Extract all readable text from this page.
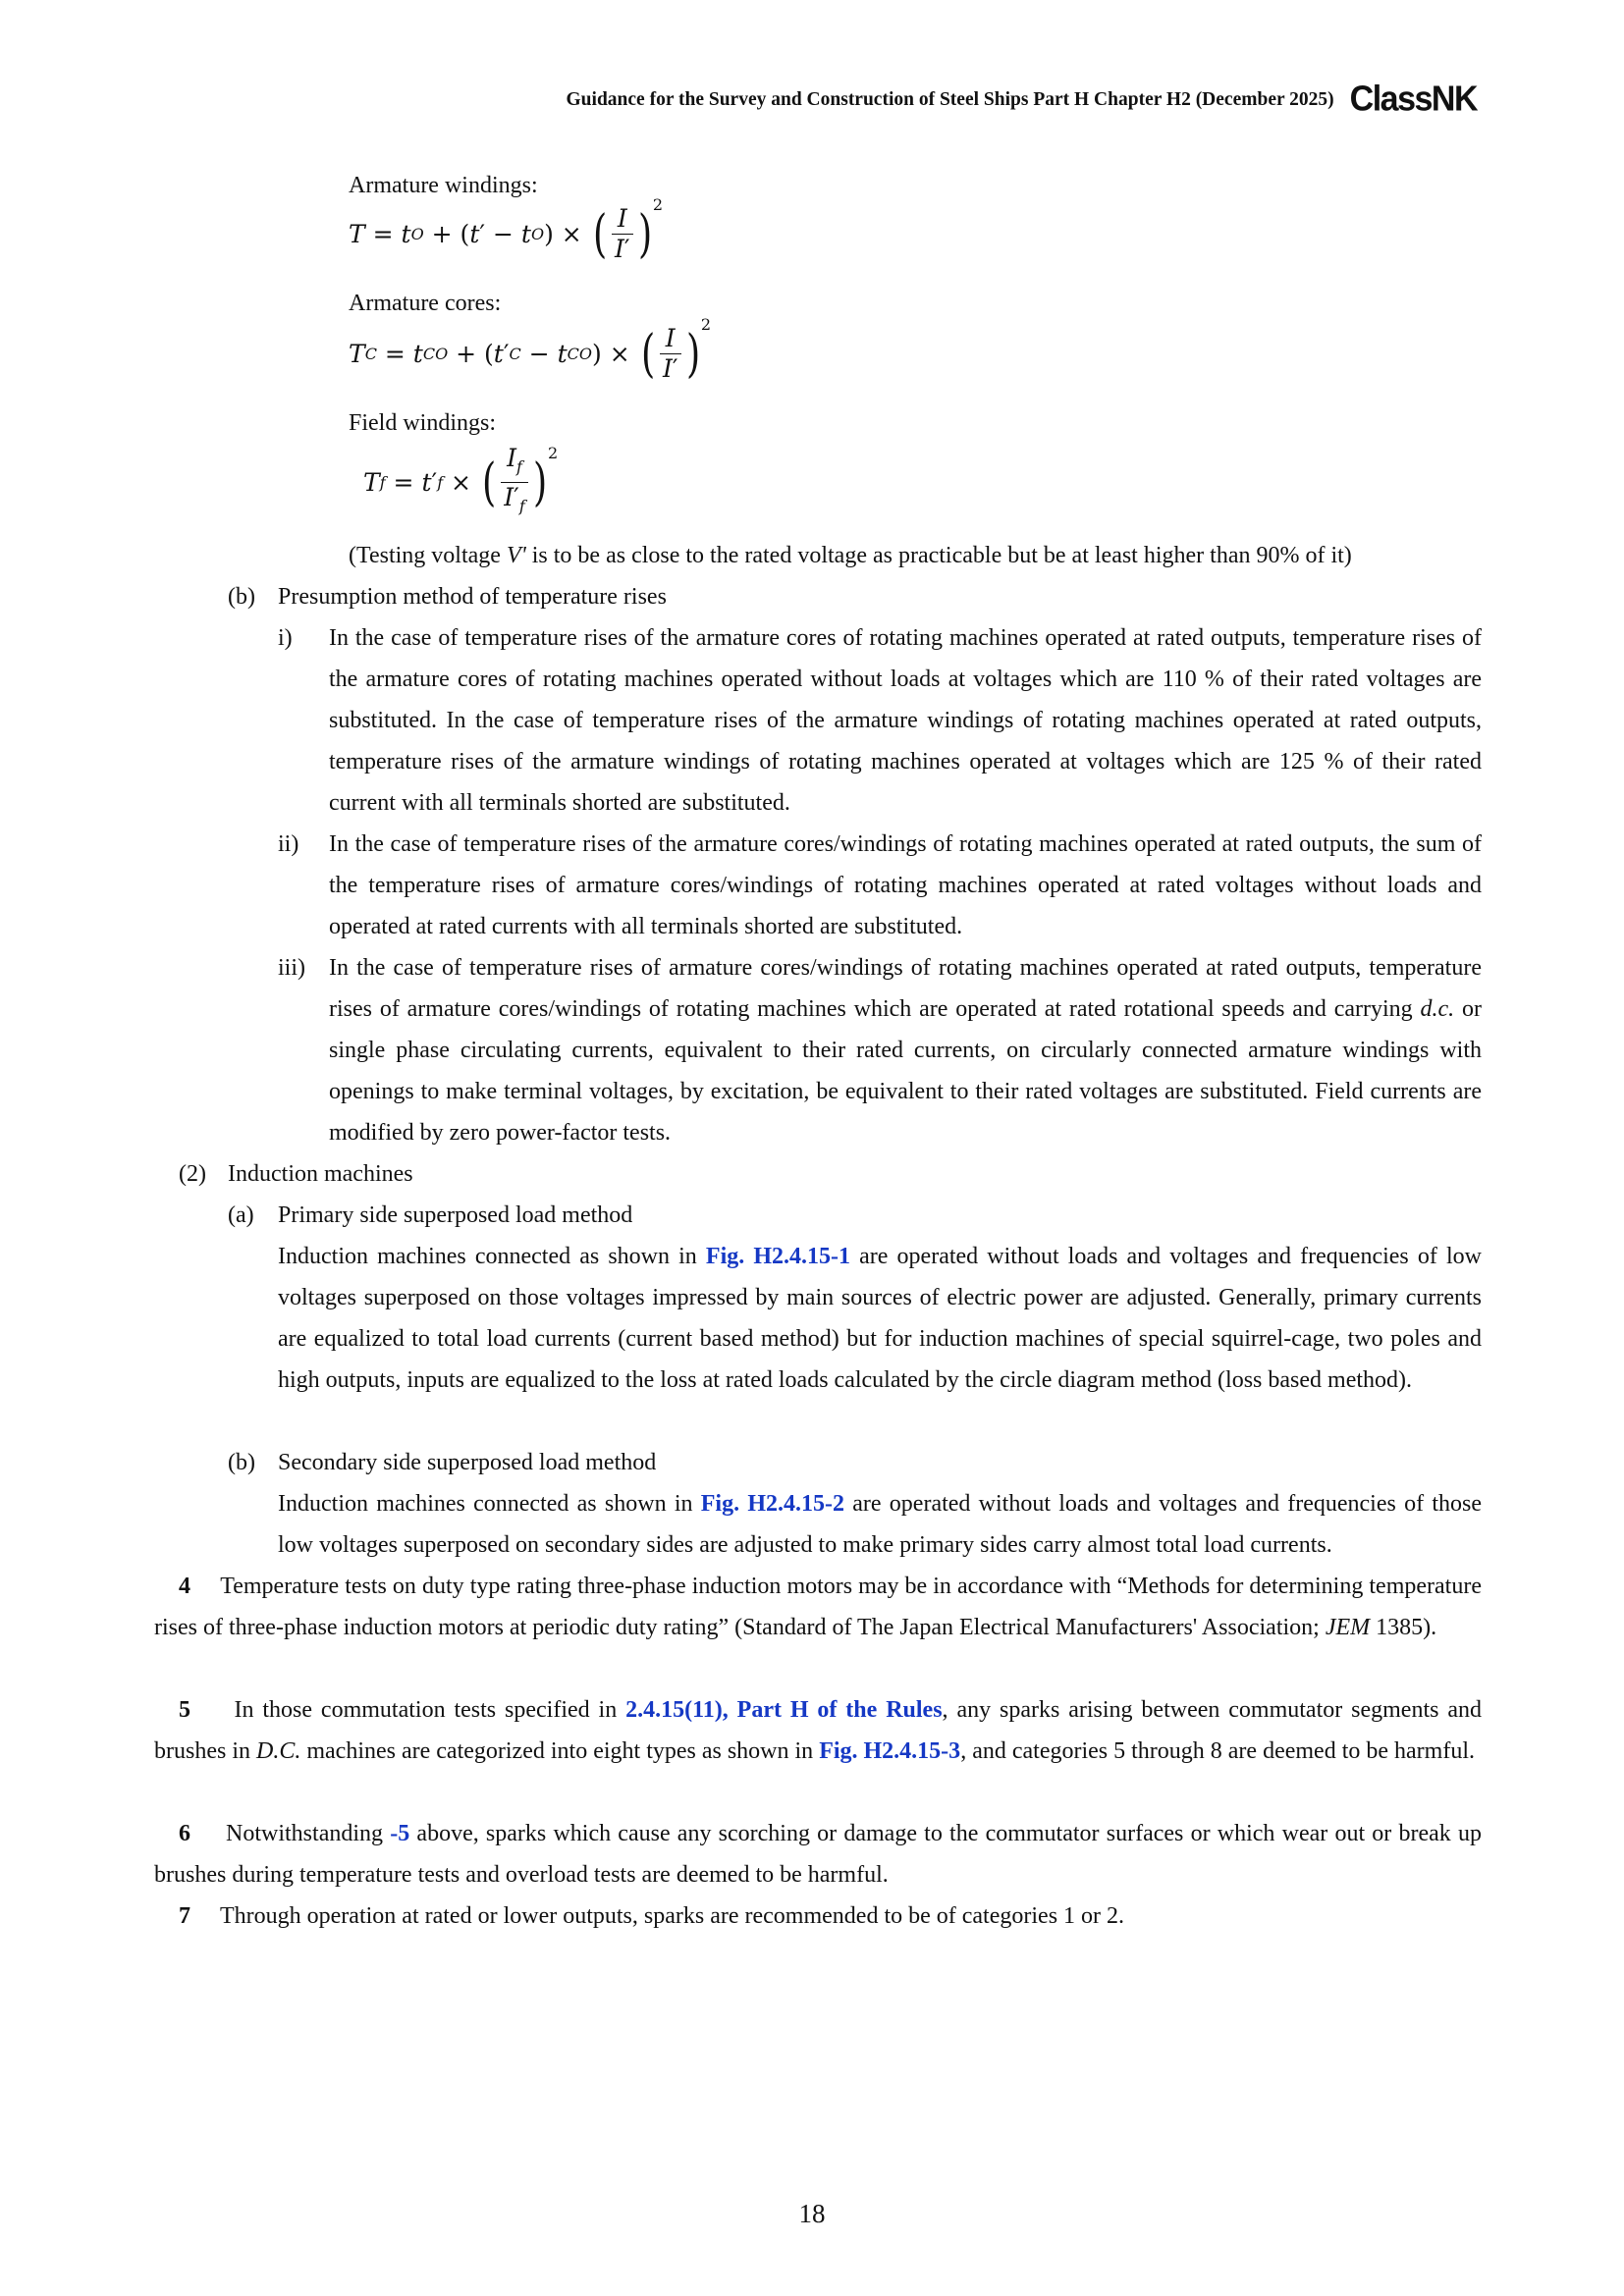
Guidance for the Survey and Construction of Steel Ships Part H Chapter H2 (December 2025) ClassNK
Armature windings:
T = t O + ( t ′ − t O ) × ( $\frac{I}{I'}$ ) 2
Armature cores:
T C = t CO + ( t ′ C − t CO ) × ( $\frac{I}{I'}$ ) 2
Field windings:
T f = t ′ f × ( $\frac{I_f}{I'_f}$ ) 2
(Testing voltage V' is to be as close to the rated voltage as practicable but be at least higher than 90% of it)
(b) Presumption method of temperature rises
i) In the case of temperature rises of the armature cores of rotating machines operated at rated outputs, temperature rises of the armature cores of rotating machines operated without loads at voltages which are 110 % of their rated voltages are substituted. In the case of temperature rises of the armature windings of rotating machines operated at rated outputs, temperature rises of the armature windings of rotating machines operated at voltages which are 125 % of their rated current with all terminals shorted are substituted.
ii) In the case of temperature rises of the armature cores/windings of rotating machines operated at rated outputs, the sum of the temperature rises of armature cores/windings of rotating machines operated at rated voltages without loads and operated at rated currents with all terminals shorted are substituted.
iii) In the case of temperature rises of armature cores/windings of rotating machines operated at rated outputs, temperature rises of armature cores/windings of rotating machines which are operated at rated rotational speeds and carrying d.c. or single phase circulating currents, equivalent to their rated currents, on circularly connected armature windings with openings to make terminal voltages, by excitation, be equivalent to their rated voltages are substituted. Field currents are modified by zero power-factor tests.
(2) Induction machines
(a) Primary side superposed load method
Induction machines connected as shown in Fig. H2.4.15-1 are operated without loads and voltages and frequencies of low voltages superposed on those voltages impressed by main sources of electric power are adjusted. Generally, primary currents are equalized to total load currents (current based method) but for induction machines of special squirrel-cage, two poles and high outputs, inputs are equalized to the loss at rated loads calculated by the circle diagram method (loss based method).
(b) Secondary side superposed load method
Induction machines connected as shown in Fig. H2.4.15-2 are operated without loads and voltages and frequencies of those low voltages superposed on secondary sides are adjusted to make primary sides carry almost total load currents.
4 Temperature tests on duty type rating three-phase induction motors may be in accordance with “Methods for determining temperature rises of three-phase induction motors at periodic duty rating” (Standard of The Japan Electrical Manufacturers' Association; JEM 1385).
5 In those commutation tests specified in 2.4.15(11), Part H of the Rules, any sparks arising between commutator segments and brushes in D.C. machines are categorized into eight types as shown in Fig. H2.4.15-3, and categories 5 through 8 are deemed to be harmful.
6 Notwithstanding -5 above, sparks which cause any scorching or damage to the commutator surfaces or which wear out or break up brushes during temperature tests and overload tests are deemed to be harmful.
7 Through operation at rated or lower outputs, sparks are recommended to be of categories 1 or 2.
18
